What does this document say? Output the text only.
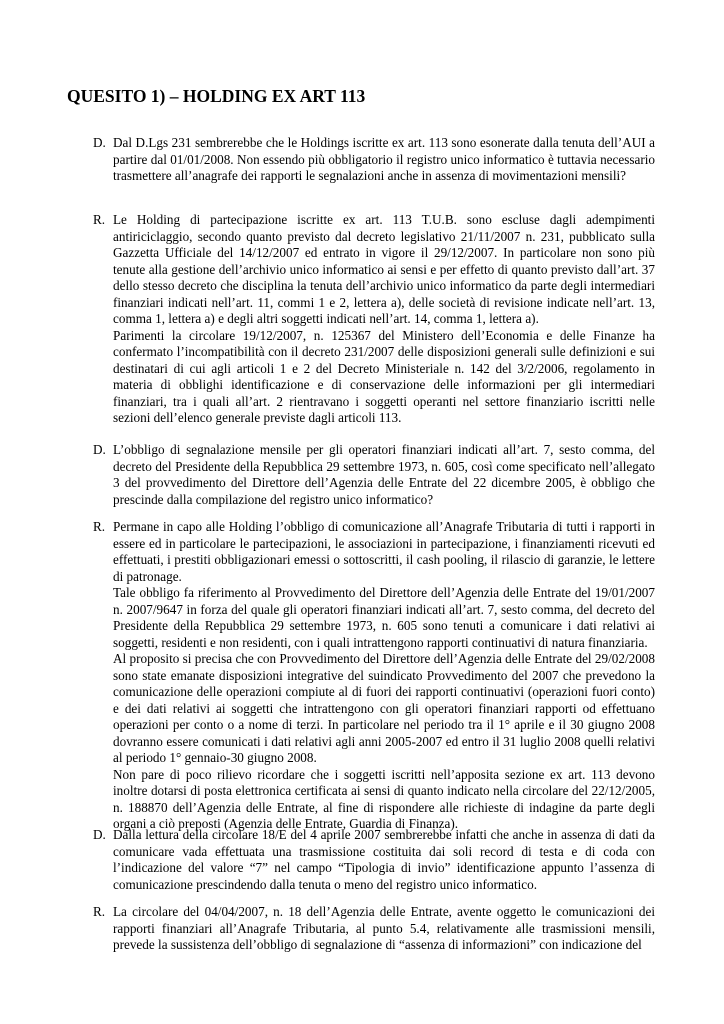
QUESITO 1) – HOLDING EX ART 113
D. Dal D.Lgs 231 sembrerebbe che le Holdings iscritte ex art. 113 sono esonerate dalla tenuta dell’AUI a partire dal 01/01/2008. Non essendo più obbligatorio il registro unico informatico è tuttavia necessario trasmettere all’anagrafe dei rapporti le segnalazioni anche in assenza di movimentazioni mensili?

R. Le Holding di partecipazione iscritte ex art. 113 T.U.B. sono escluse dagli adempimenti antiriciclaggio, secondo quanto previsto dal decreto legislativo 21/11/2007 n. 231, pubblicato sulla Gazzetta Ufficiale del 14/12/2007 ed entrato in vigore il 29/12/2007. In particolare non sono più tenute alla gestione dell’archivio unico informatico ai sensi e per effetto di quanto previsto dall’art. 37 dello stesso decreto che disciplina la tenuta dell’archivio unico informatico da parte degli intermediari finanziari indicati nell’art. 11, commi 1 e 2, lettera a), delle società di revisione indicate nell’art. 13, comma 1, lettera a) e degli altri soggetti indicati nell’art. 14, comma 1, lettera a).

Parimenti la circolare 19/12/2007, n. 125367 del Ministero dell’Economia e delle Finanze ha confermato l’incompatibilità con il decreto 231/2007 delle disposizioni generali sulle definizioni e sui destinatari di cui agli articoli 1 e 2 del Decreto Ministeriale n. 142 del 3/2/2006, regolamento in materia di obblighi identificazione e di conservazione delle informazioni per gli intermediari finanziari, tra i quali all’art. 2 rientravano i soggetti operanti nel settore finanziario iscritti nelle sezioni dell’elenco generale previste dagli articoli 113.

D. L’obbligo di segnalazione mensile per gli operatori finanziari indicati all’art. 7, sesto comma, del decreto del Presidente della Repubblica 29 settembre 1973, n. 605, così come specificato nell’allegato 3 del provvedimento del Direttore dell’Agenzia delle Entrate del 22 dicembre 2005, è obbligo che prescinde dalla compilazione del registro unico informatico?

R. Permane in capo alle Holding l’obbligo di comunicazione all’Anagrafe Tributaria di tutti i rapporti in essere ed in particolare le partecipazioni, le associazioni in partecipazione, i finanziamenti ricevuti ed effettuati, i prestiti obbligazionari emessi o sottoscritti, il cash pooling, il rilascio di garanzie, le lettere di patronage.

Tale obbligo fa riferimento al Provvedimento del Direttore dell’Agenzia delle Entrate del 19/01/2007 n. 2007/9647 in forza del quale gli operatori finanziari indicati all’art. 7, sesto comma, del decreto del Presidente della Repubblica 29 settembre 1973, n. 605 sono tenuti a comunicare i dati relativi ai soggetti, residenti e non residenti, con i quali intrattengono rapporti continuativi di natura finanziaria.

Al proposito si precisa che con Provvedimento del Direttore dell’Agenzia delle Entrate del 29/02/2008 sono state emanate disposizioni integrative del suindicato Provvedimento del 2007 che prevedono la comunicazione delle operazioni compiute al di fuori dei rapporti continuativi (operazioni fuori conto) e dei dati relativi ai soggetti che intrattengono con gli operatori finanziari rapporti od effettuano operazioni per conto o a nome di terzi. In particolare nel periodo tra il 1° aprile e il 30 giugno 2008 dovranno essere comunicati i dati relativi agli anni 2005-2007 ed entro il 31 luglio 2008 quelli relativi al periodo 1° gennaio-30 giugno 2008.

Non pare di poco rilievo ricordare che i soggetti iscritti nell’apposita sezione ex art. 113 devono inoltre dotarsi di posta elettronica certificata ai sensi di quanto indicato nella circolare del 22/12/2005, n. 188870 dell’Agenzia delle Entrate, al fine di rispondere alle richieste di indagine da parte degli organi a ciò preposti (Agenzia delle Entrate, Guardia di Finanza).

D. Dalla lettura della circolare 18/E del 4 aprile 2007 sembrerebbe infatti che anche in assenza di dati da comunicare vada effettuata una trasmissione costituita dai soli record di testa e di coda con l’indicazione del valore “7” nel campo “Tipologia di invio” identificazione appunto l’assenza di comunicazione prescindendo dalla tenuta o meno del registro unico informatico.

R. La circolare del 04/04/2007, n. 18 dell’Agenzia delle Entrate, avente oggetto le comunicazioni dei rapporti finanziari all’Anagrafe Tributaria, al punto 5.4, relativamente alle trasmissioni mensili, prevede la sussistenza dell’obbligo di segnalazione di “assenza di informazioni” con indicazione del
